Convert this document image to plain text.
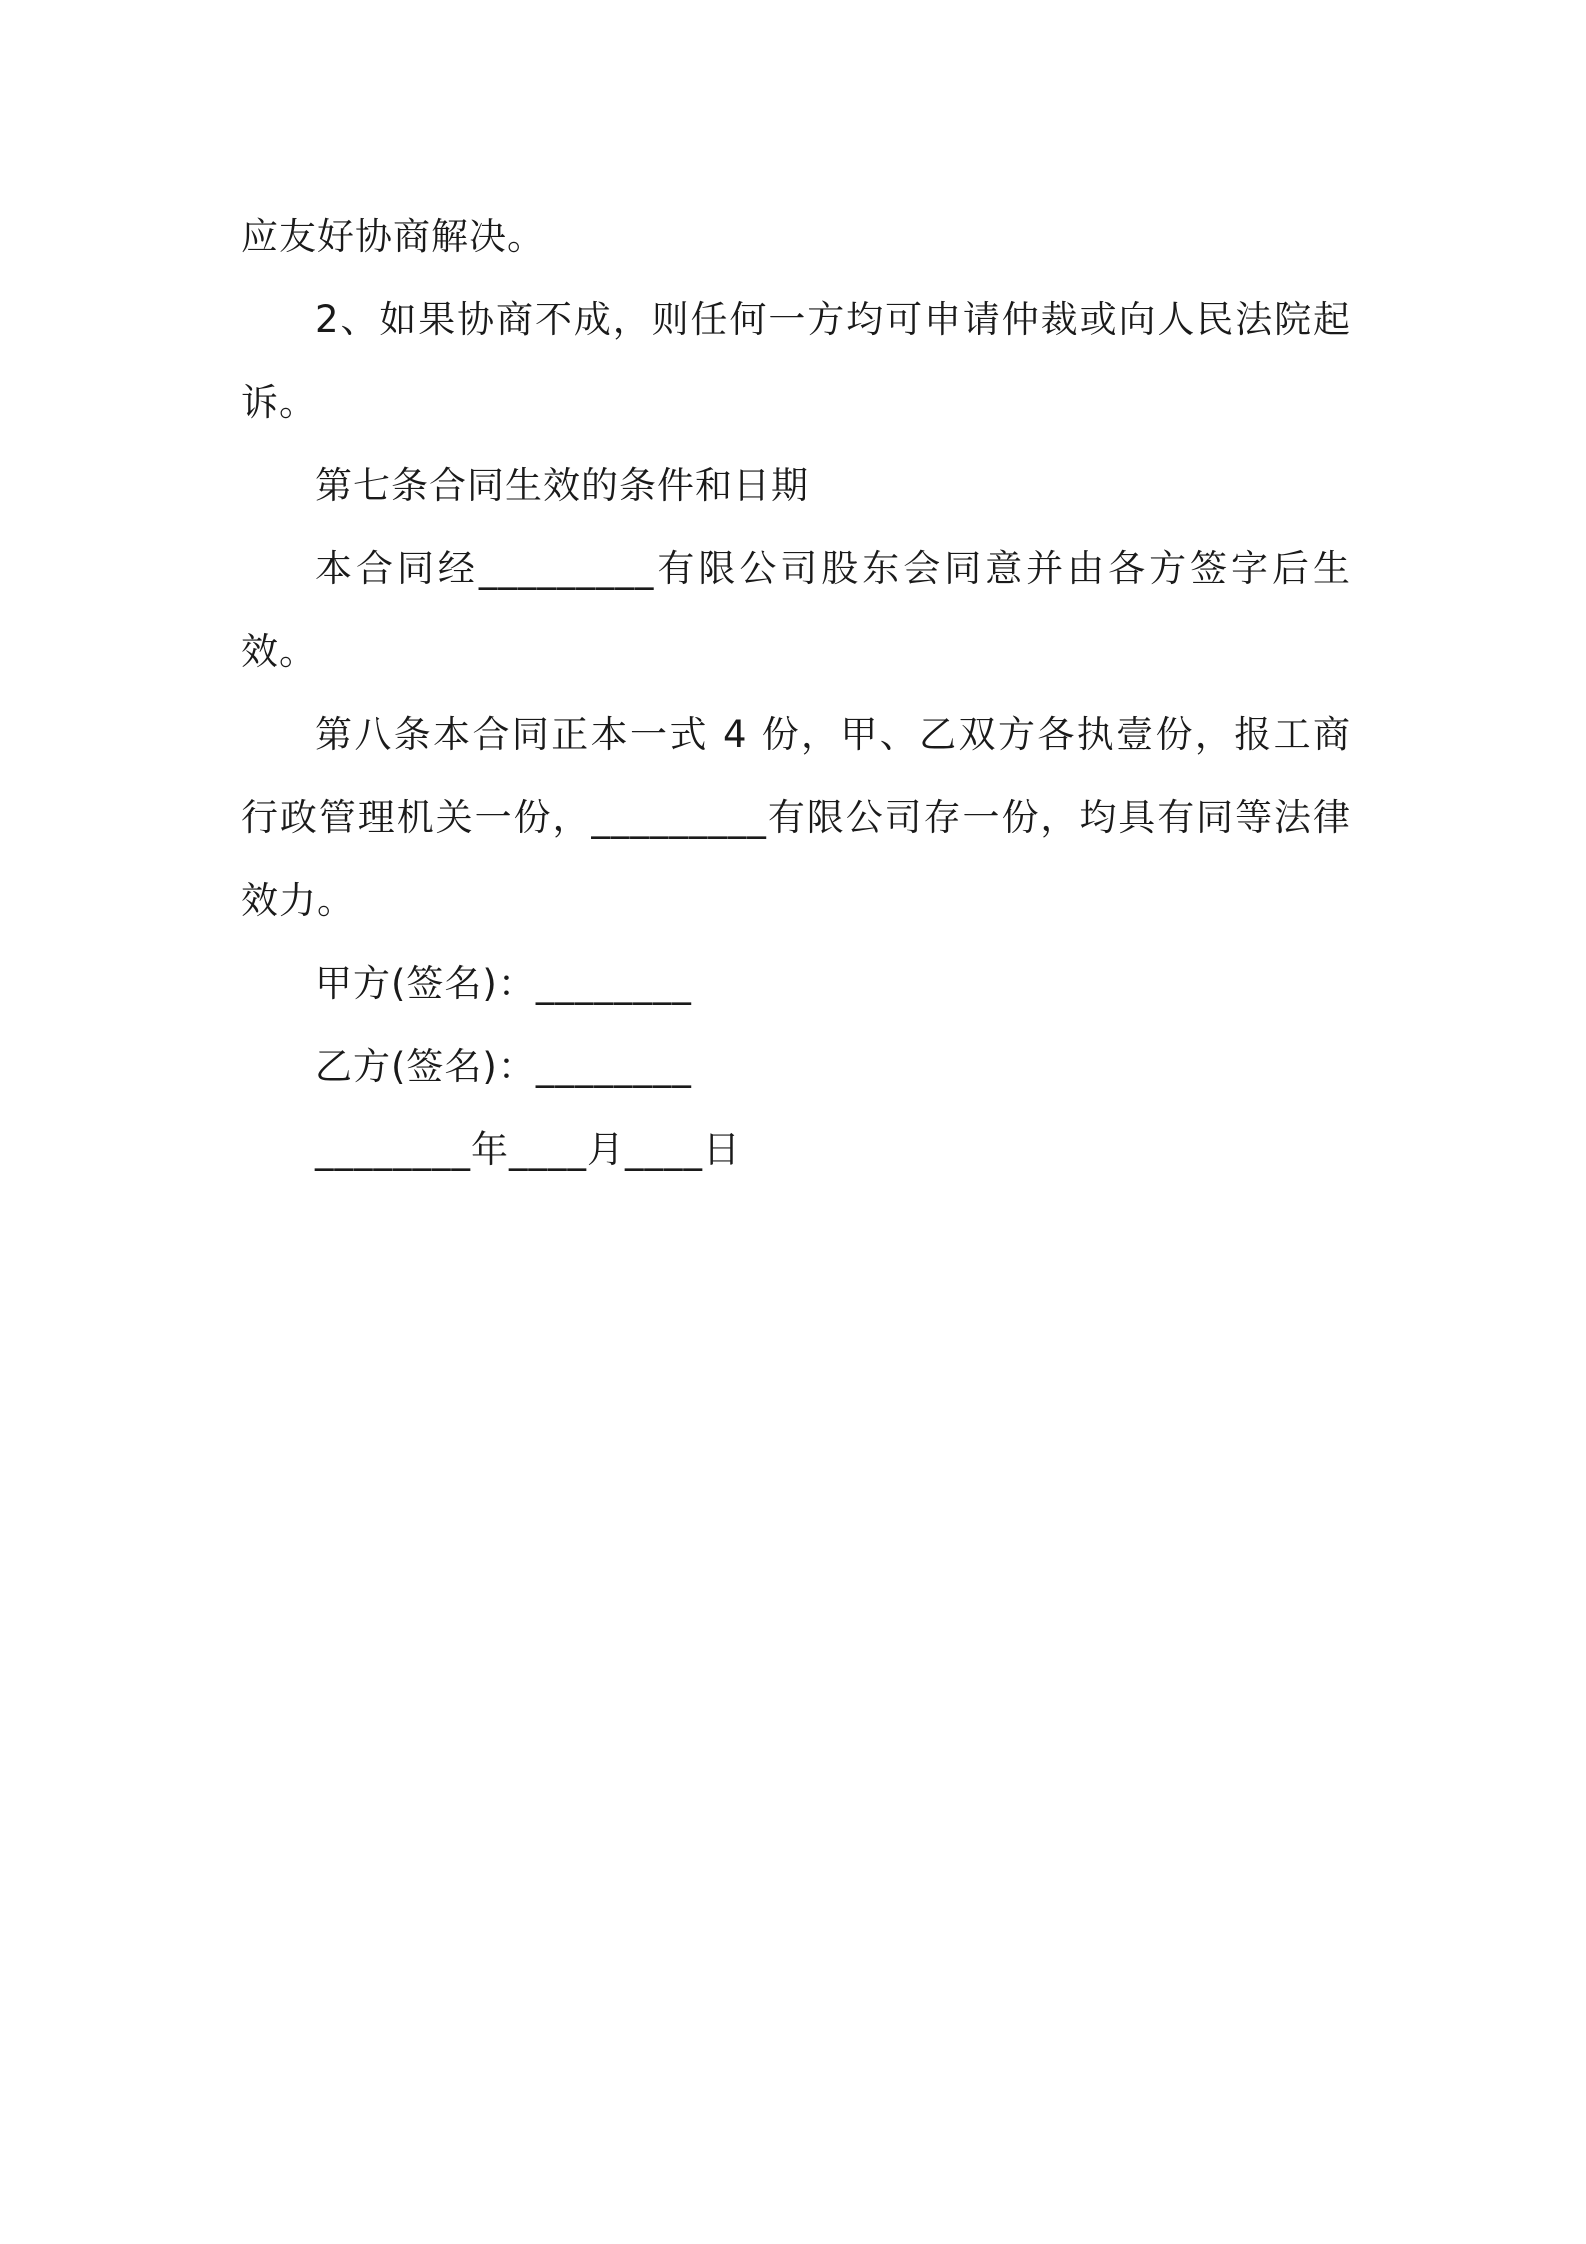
应友好协商解决。

2、如果协商不成，则任何一方均可申请仲裁或向人民法院起诉。

第七条合同生效的条件和日期

本合同经_________有限公司股东会同意并由各方签字后生效。

第八条本合同正本一式 4 份，甲、乙双方各执壹份，报工商行政管理机关一份，_________有限公司存一份，均具有同等法律效力。

甲方(签名)：________

乙方(签名)：________

________年____月____日
